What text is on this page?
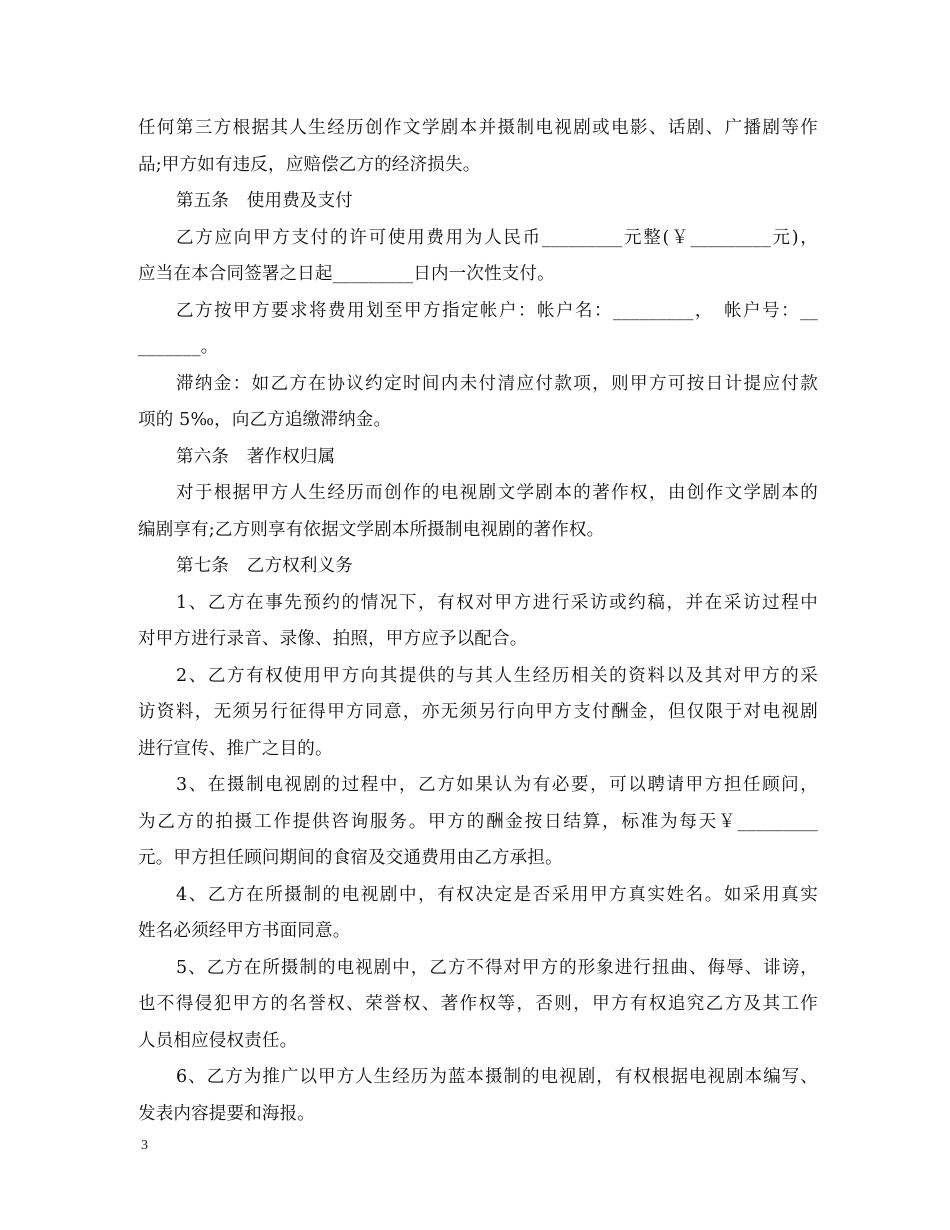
任何第三方根据其人生经历创作文学剧本并摄制电视剧或电影、话剧、广播剧等作
品;甲方如有违反，应赔偿乙方的经济损失。
第五条　使用费及支付
乙方应向甲方支付的许可使用费用为人民币_________元整(￥_________元)，
应当在本合同签署之日起_________日内一次性支付。
乙方按甲方要求将费用划至甲方指定帐户：帐户名：_________，　帐户号：__
_______。
滞纳金：如乙方在协议约定时间内未付清应付款项，则甲方可按日计提应付款
项的 5‰，向乙方追缴滞纳金。
第六条　著作权归属
对于根据甲方人生经历而创作的电视剧文学剧本的著作权，由创作文学剧本的
编剧享有;乙方则享有依据文学剧本所摄制电视剧的著作权。
第七条　乙方权利义务
1、乙方在事先预约的情况下，有权对甲方进行采访或约稿，并在采访过程中
对甲方进行录音、录像、拍照，甲方应予以配合。
2、乙方有权使用甲方向其提供的与其人生经历相关的资料以及其对甲方的采
访资料，无须另行征得甲方同意，亦无须另行向甲方支付酬金，但仅限于对电视剧
进行宣传、推广之目的。
3、在摄制电视剧的过程中，乙方如果认为有必要，可以聘请甲方担任顾问，
为乙方的拍摄工作提供咨询服务。甲方的酬金按日结算，标准为每天￥_________
元。甲方担任顾问期间的食宿及交通费用由乙方承担。
4、乙方在所摄制的电视剧中，有权决定是否采用甲方真实姓名。如采用真实
姓名必须经甲方书面同意。
5、乙方在所摄制的电视剧中，乙方不得对甲方的形象进行扭曲、侮辱、诽谤，
也不得侵犯甲方的名誉权、荣誉权、著作权等，否则，甲方有权追究乙方及其工作
人员相应侵权责任。
6、乙方为推广以甲方人生经历为蓝本摄制的电视剧，有权根据电视剧本编写、
发表内容提要和海报。
3
